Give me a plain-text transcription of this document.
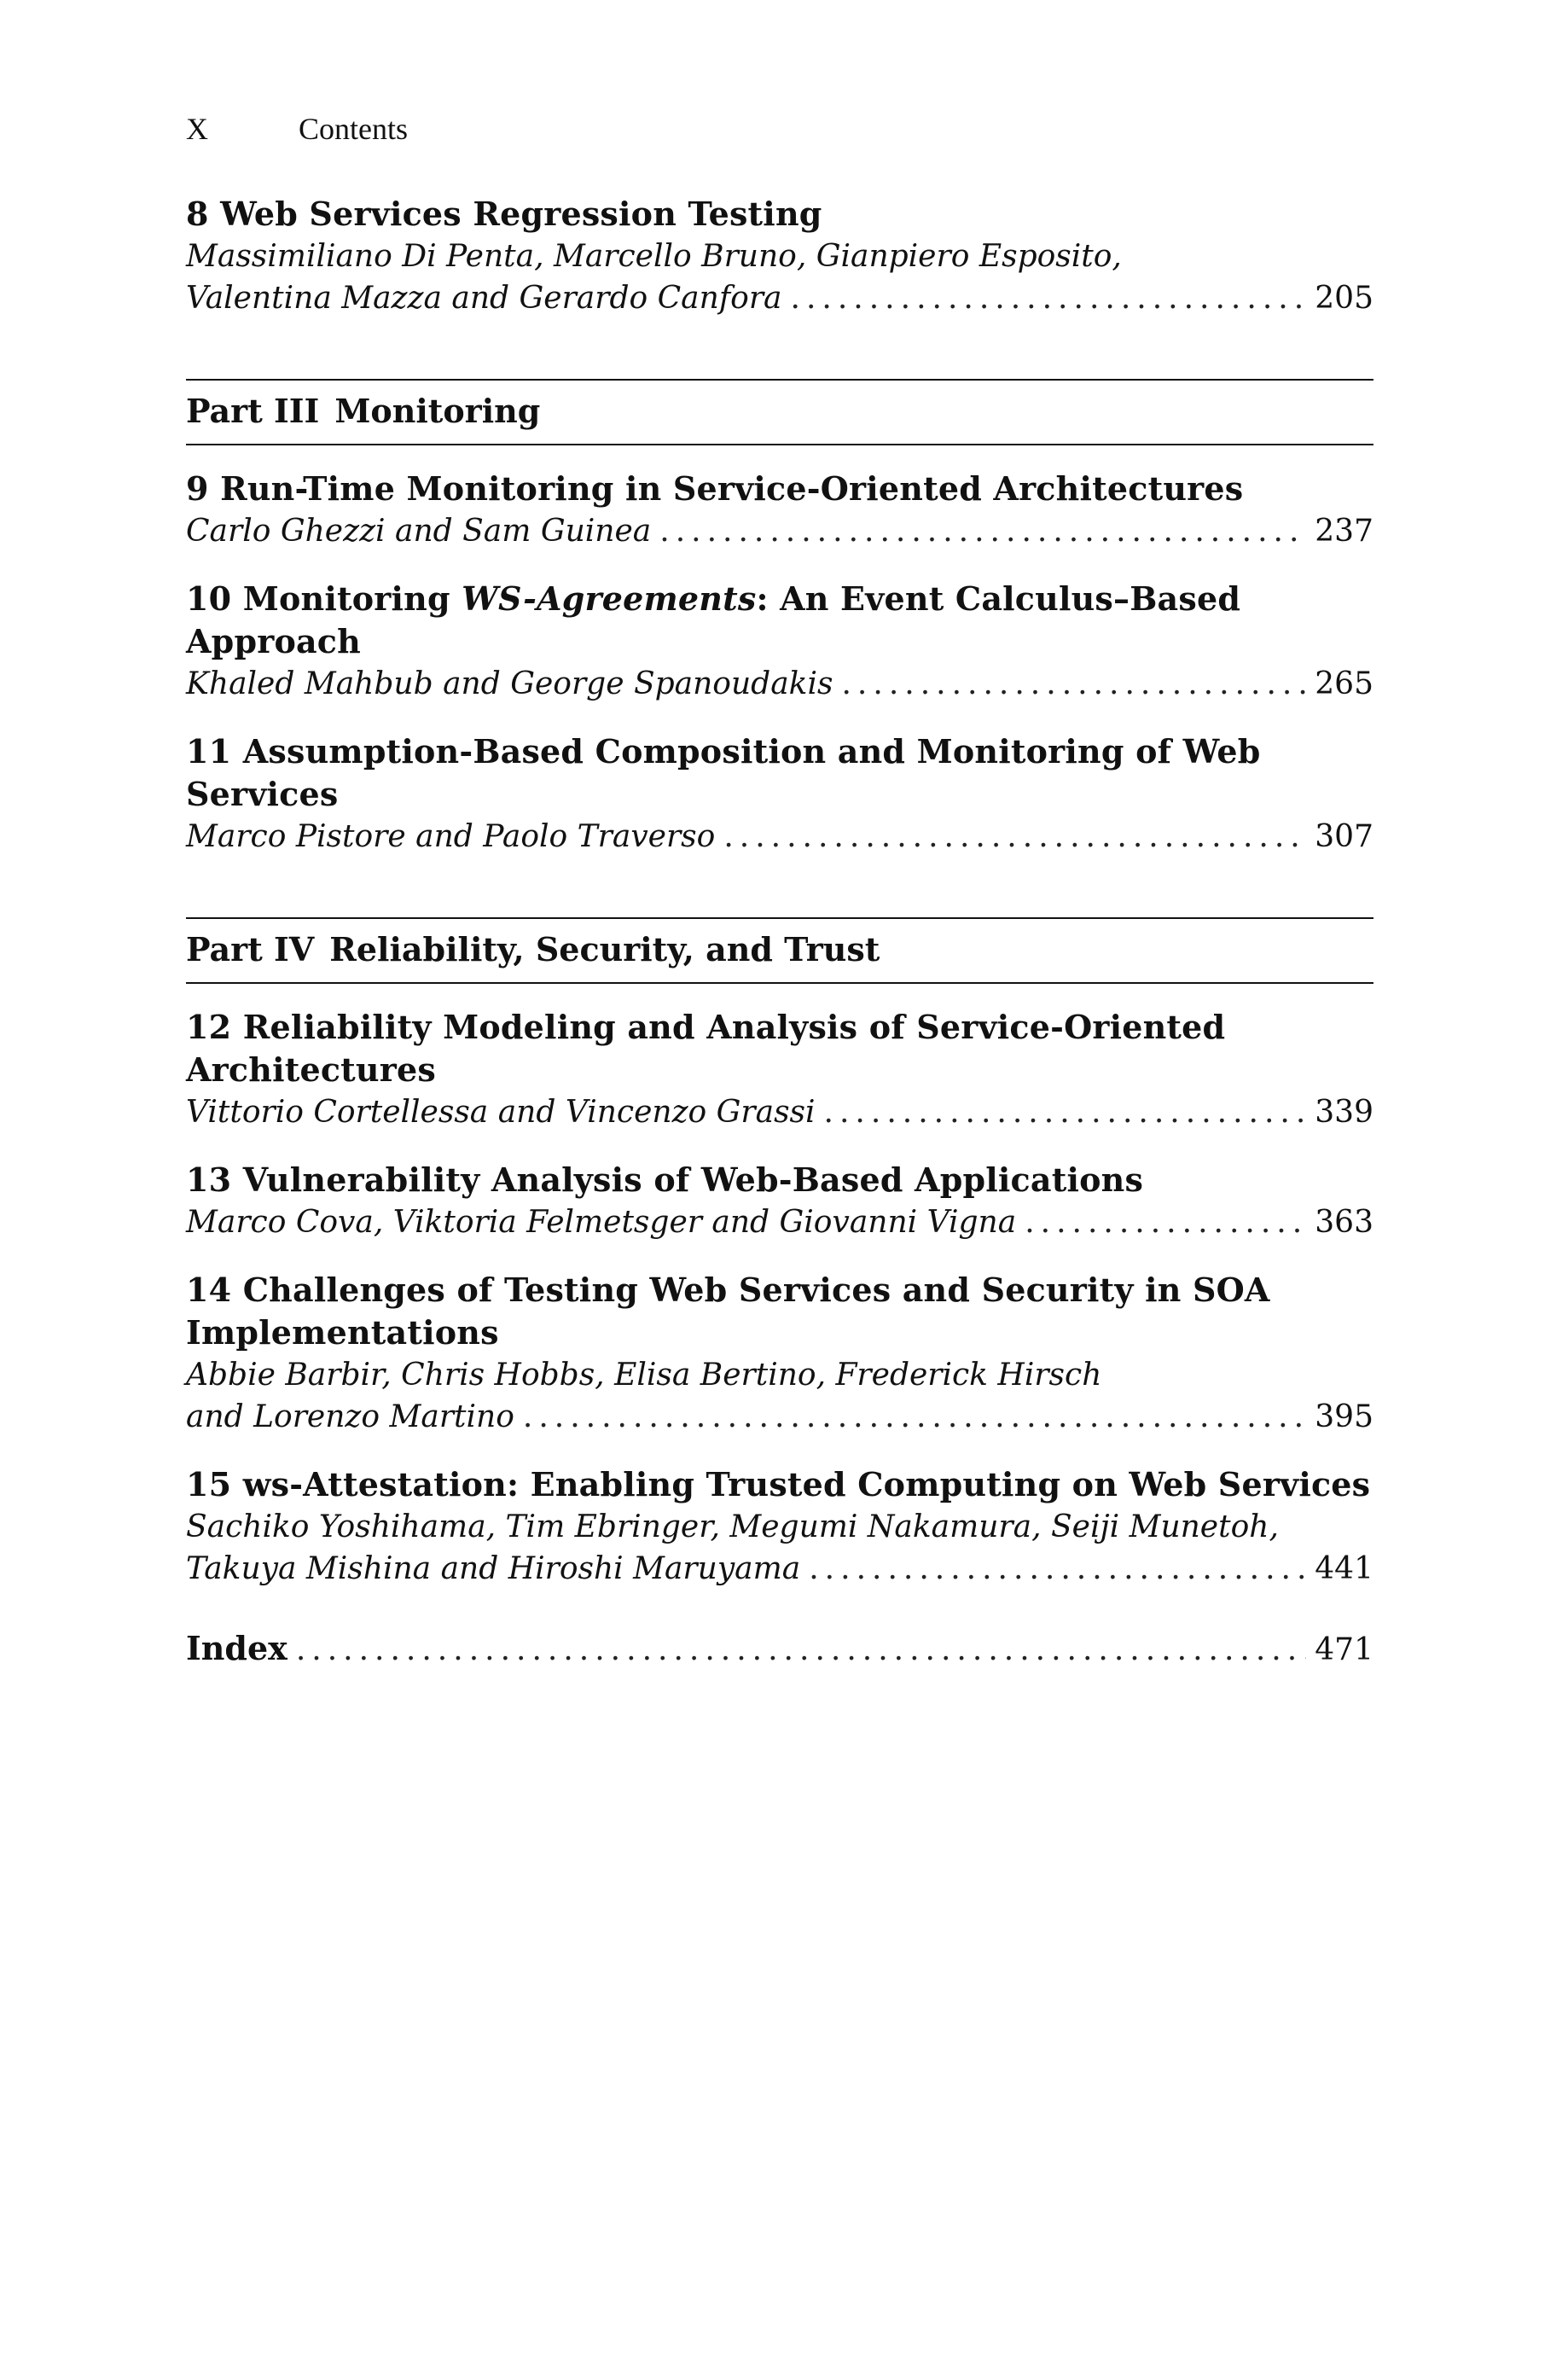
X	Contents
8 Web Services Regression Testing
Massimiliano Di Penta, Marcello Bruno, Gianpiero Esposito,
Valentina Mazza and Gerardo Canfora .....	205
Part III Monitoring
9 Run-Time Monitoring in Service-Oriented Architectures
Carlo Ghezzi and Sam Guinea .....	237
10 Monitoring WS-Agreements: An Event Calculus–Based Approach
Khaled Mahbub and George Spanoudakis .....	265
11 Assumption-Based Composition and Monitoring of Web Services
Marco Pistore and Paolo Traverso .....	307
Part IV Reliability, Security, and Trust
12 Reliability Modeling and Analysis of Service-Oriented Architectures
Vittorio Cortellessa and Vincenzo Grassi .....	339
13 Vulnerability Analysis of Web-Based Applications
Marco Cova, Viktoria Felmetsger and Giovanni Vigna .....	363
14 Challenges of Testing Web Services and Security in SOA Implementations
Abbie Barbir, Chris Hobbs, Elisa Bertino, Frederick Hirsch
and Lorenzo Martino .....	395
15 ws-Attestation: Enabling Trusted Computing on Web Services
Sachiko Yoshihama, Tim Ebringer, Megumi Nakamura, Seiji Munetoh,
Takuya Mishina and Hiroshi Maruyama .....	441
Index .....	471
